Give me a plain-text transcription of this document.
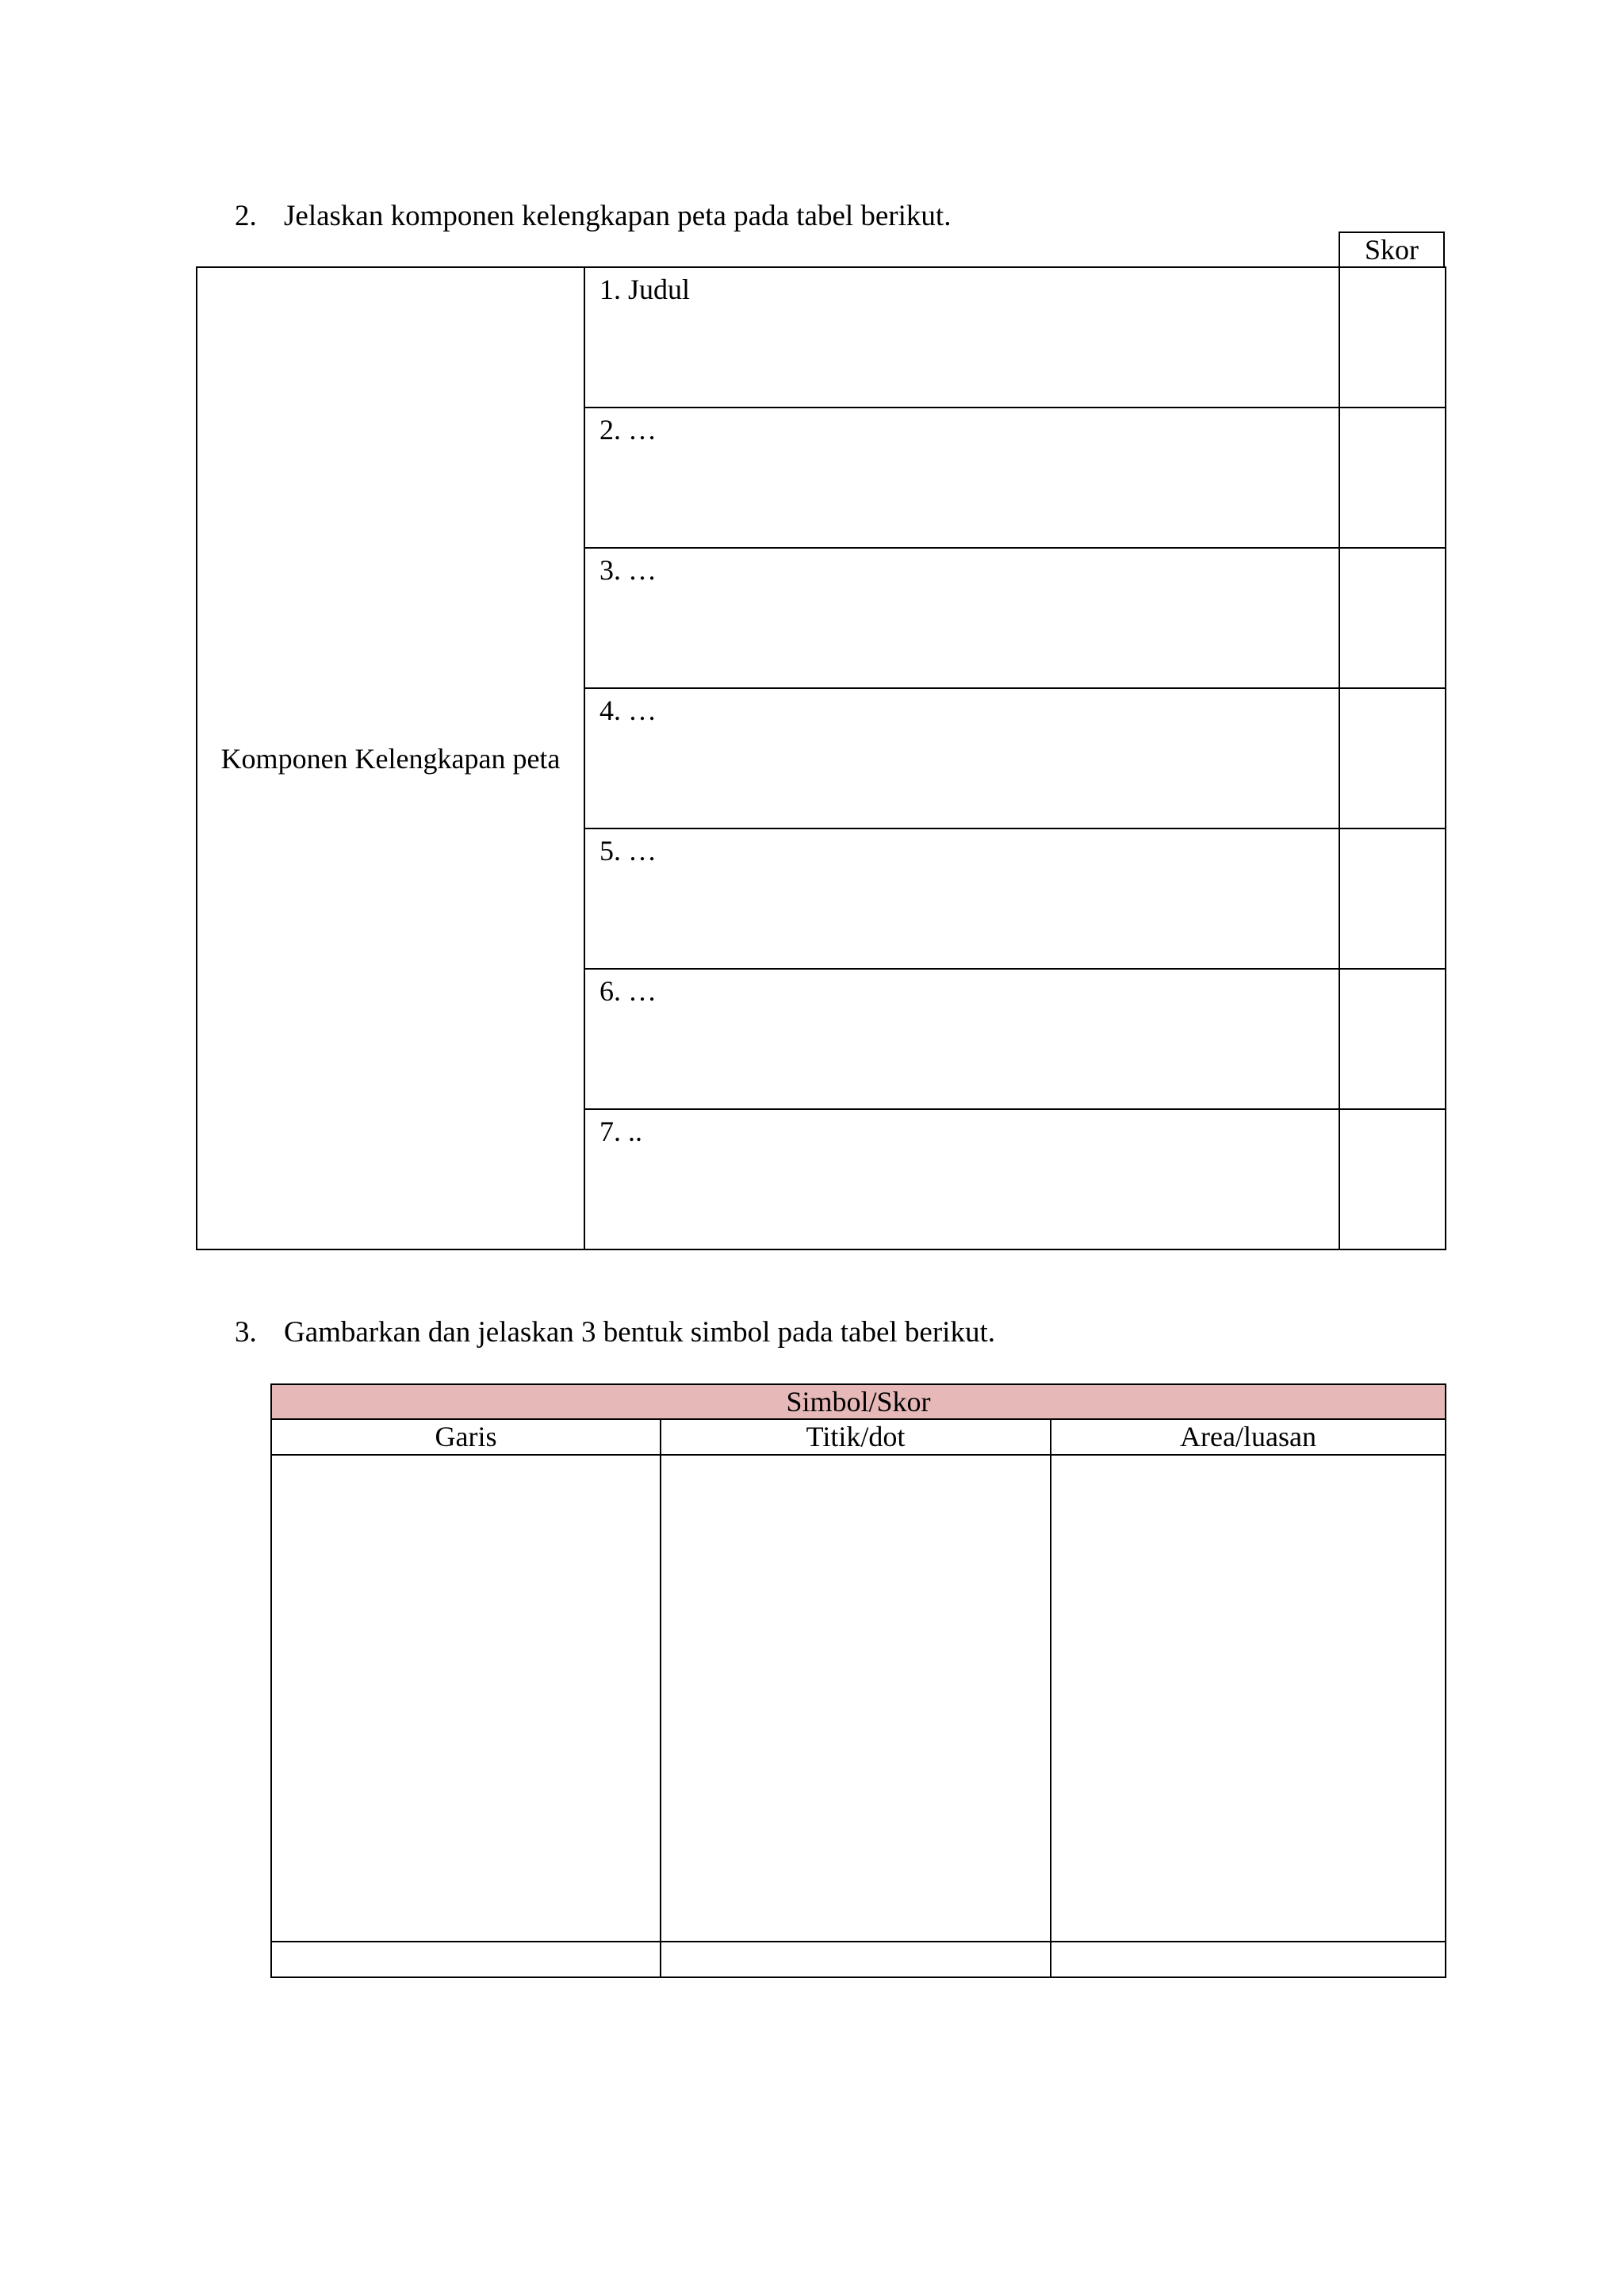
2. Jelaskan komponen kelengkapan peta pada tabel berikut.
Skor
Komponen Kelengkapan peta	1. Judul	

	2. …	

	3. …	

	4. …	

	5. …	

	6. …	

	7. ..	

3. Gambarkan dan jelaskan 3 bentuk simbol pada tabel berikut.
Simbol/Skor		
Garis	Titik/dot	Area/luasan
